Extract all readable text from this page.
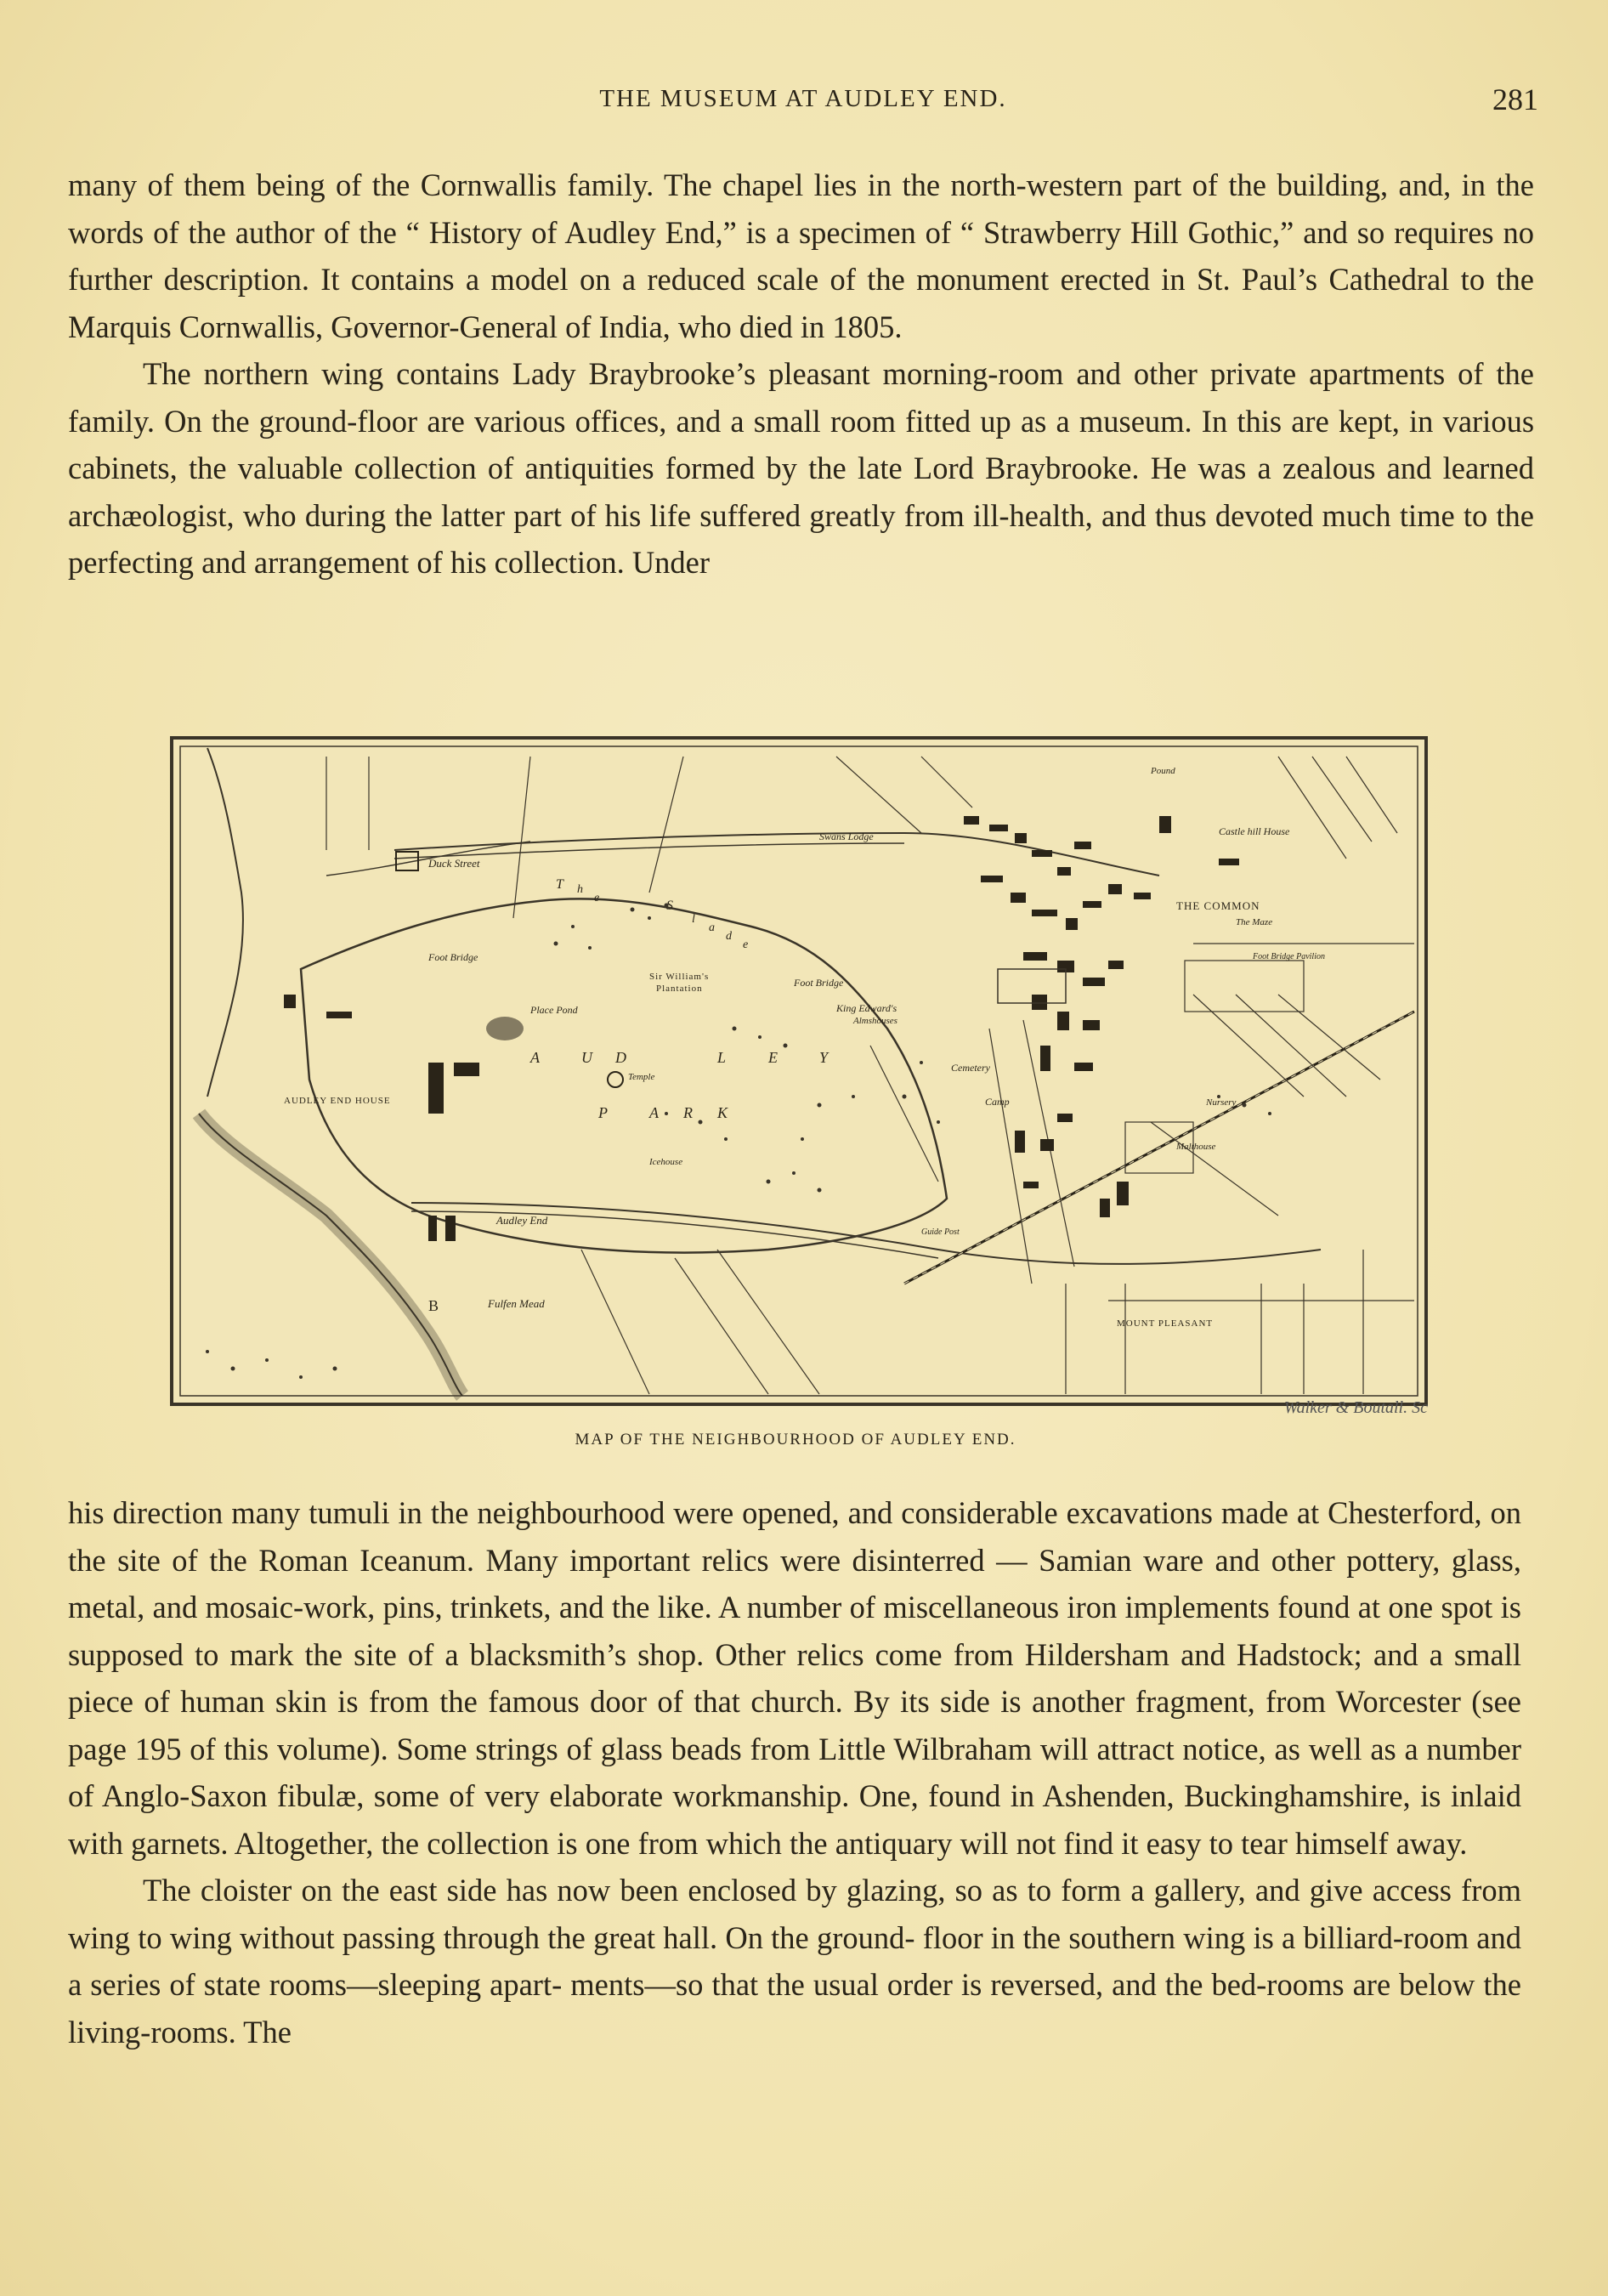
THE MUSEUM AT AUDLEY END.	281

many of them being of the Cornwallis family. The chapel lies in the north-western part of the building, and, in the words of the author of the “ History of Audley End,” is a specimen of “ Strawberry Hill Gothic,” and so requires no further description. It contains a model on a reduced scale of the monument erected in St. Paul’s Cathedral to the Marquis Cornwallis, Governor-General of India, who died in 1805.

The northern wing contains Lady Braybrooke’s pleasant morning-room and other private apartments of the family. On the ground-floor are various offices, and a small room fitted up as a museum. In this are kept, in various cabinets, the valuable collection of antiquities formed by the late Lord Braybrooke. He was a zealous and learned archæologist, who during the latter part of his life suffered greatly from ill-health, and thus devoted much time to the perfecting and arrangement of his collection. Under

Duck Street
Swans Lodge
Pound
Castle hill House
THE COMMON
The Maze
Foot Bridge
Foot Bridge
Foot Bridge Pavilion
Sir William's
Plantation
Place Pond	King Edward's
Almshouses
Cemetery
Camp	Nursery
Malthouse
AUDLEY END HOUSE
Temple
Icehouse
Audley End
Fulfen Mead
MOUNT PLEASANT
Guide Post
B
A	U D	L	E	Y
P	A R K
T h
e
S
l
a
d
e
Walker & Boutall. Sc
MAP OF THE NEIGHBOURHOOD OF AUDLEY END.

his direction many tumuli in the neighbourhood were opened, and considerable excavations made at Chesterford, on the site of the Roman Iceanum. Many important relics were disinterred — Samian ware and other pottery, glass, metal, and mosaic-work, pins, trinkets, and the like. A number of miscellaneous iron implements found at one spot is supposed to mark the site of a blacksmith’s shop. Other relics come from Hildersham and Hadstock; and a small piece of human skin is from the famous door of that church. By its side is another fragment, from Worcester (see page 195 of this volume). Some strings of glass beads from Little Wilbraham will attract notice, as well as a number of Anglo-Saxon fibulæ, some of very elaborate workmanship. One, found in Ashenden, Buckinghamshire, is inlaid with garnets. Altogether, the collection is one from which the antiquary will not find it easy to tear himself away.

The cloister on the east side has now been enclosed by glazing, so as to form a gallery, and give access from wing to wing without passing through the great hall. On the ground- floor in the southern wing is a billiard-room and a series of state rooms—sleeping apart- ments—so that the usual order is reversed, and the bed-rooms are below the living-rooms. The
